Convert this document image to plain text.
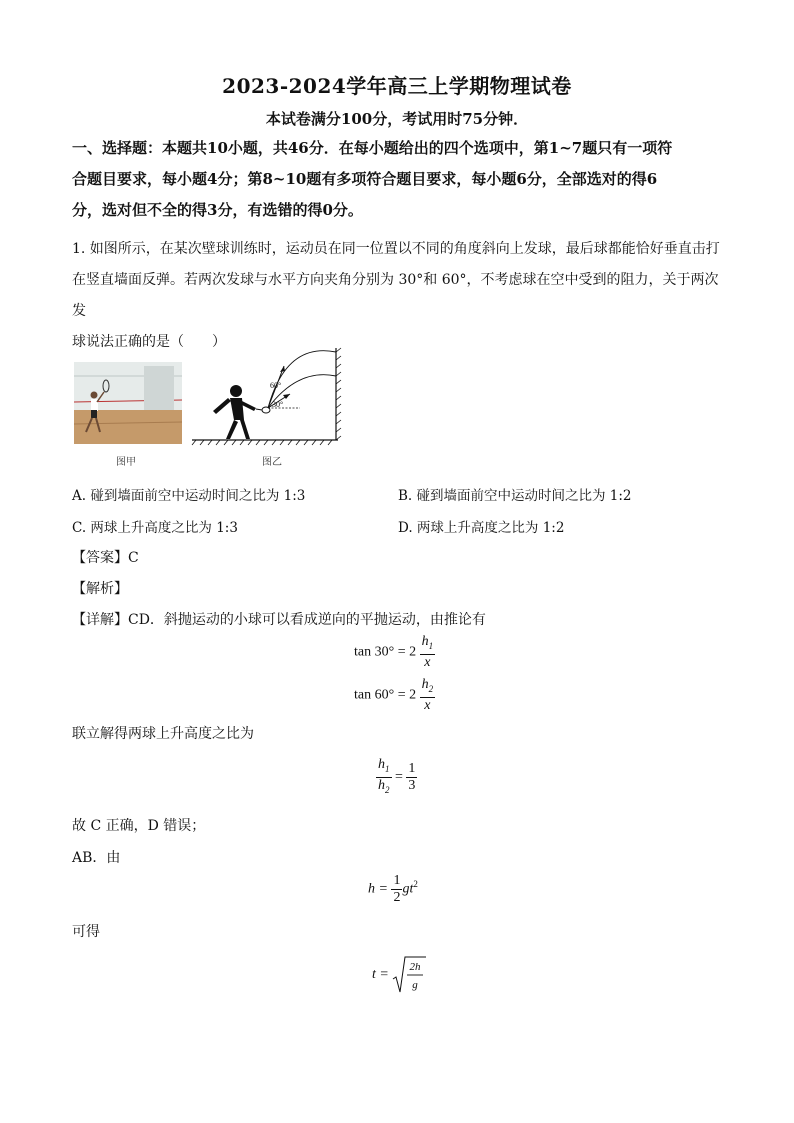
2023-2024学年高三上学期物理试卷
本试卷满分100分，考试用时75分钟．
一、选择题：本题共10小题，共46分．在每小题给出的四个选项中，第1~7题只有一项符
合题目要求，每小题4分；第8~10题有多项符合题目要求，每小题6分，全部选对的得6
分，选对但不全的得3分，有选错的得0分。
1. 如图所示，在某次壁球训练时，运动员在同一位置以不同的角度斜向上发球，最后球都能恰好垂直击打
在竖直墙面反弹。若两次发球与水平方向夹角分别为 30°和 60°，不考虑球在空中受到的阻力，关于两次发
球说法正确的是（　　）
图甲
60°
30°
图乙
A. 碰到墙面前空中运动时间之比为 1:3	B. 碰到墙面前空中运动时间之比为 1:2
C. 两球上升高度之比为 1:3	D. 两球上升高度之比为 1:2
【答案】C
【解析】
【详解】CD．斜抛运动的小球可以看成逆向的平抛运动，由推论有
$\tan 30^\circ = 2 \frac{h_1}{x}$
$\tan 60^\circ = 2 \frac{h_2}{x}$
联立解得两球上升高度之比为
$\frac{h_1}{h_2} = \frac{1}{3}$
故 C 正确，D 错误；
AB．由
$h = \frac{1}{2} gt^2$
可得
t = 2h
g
